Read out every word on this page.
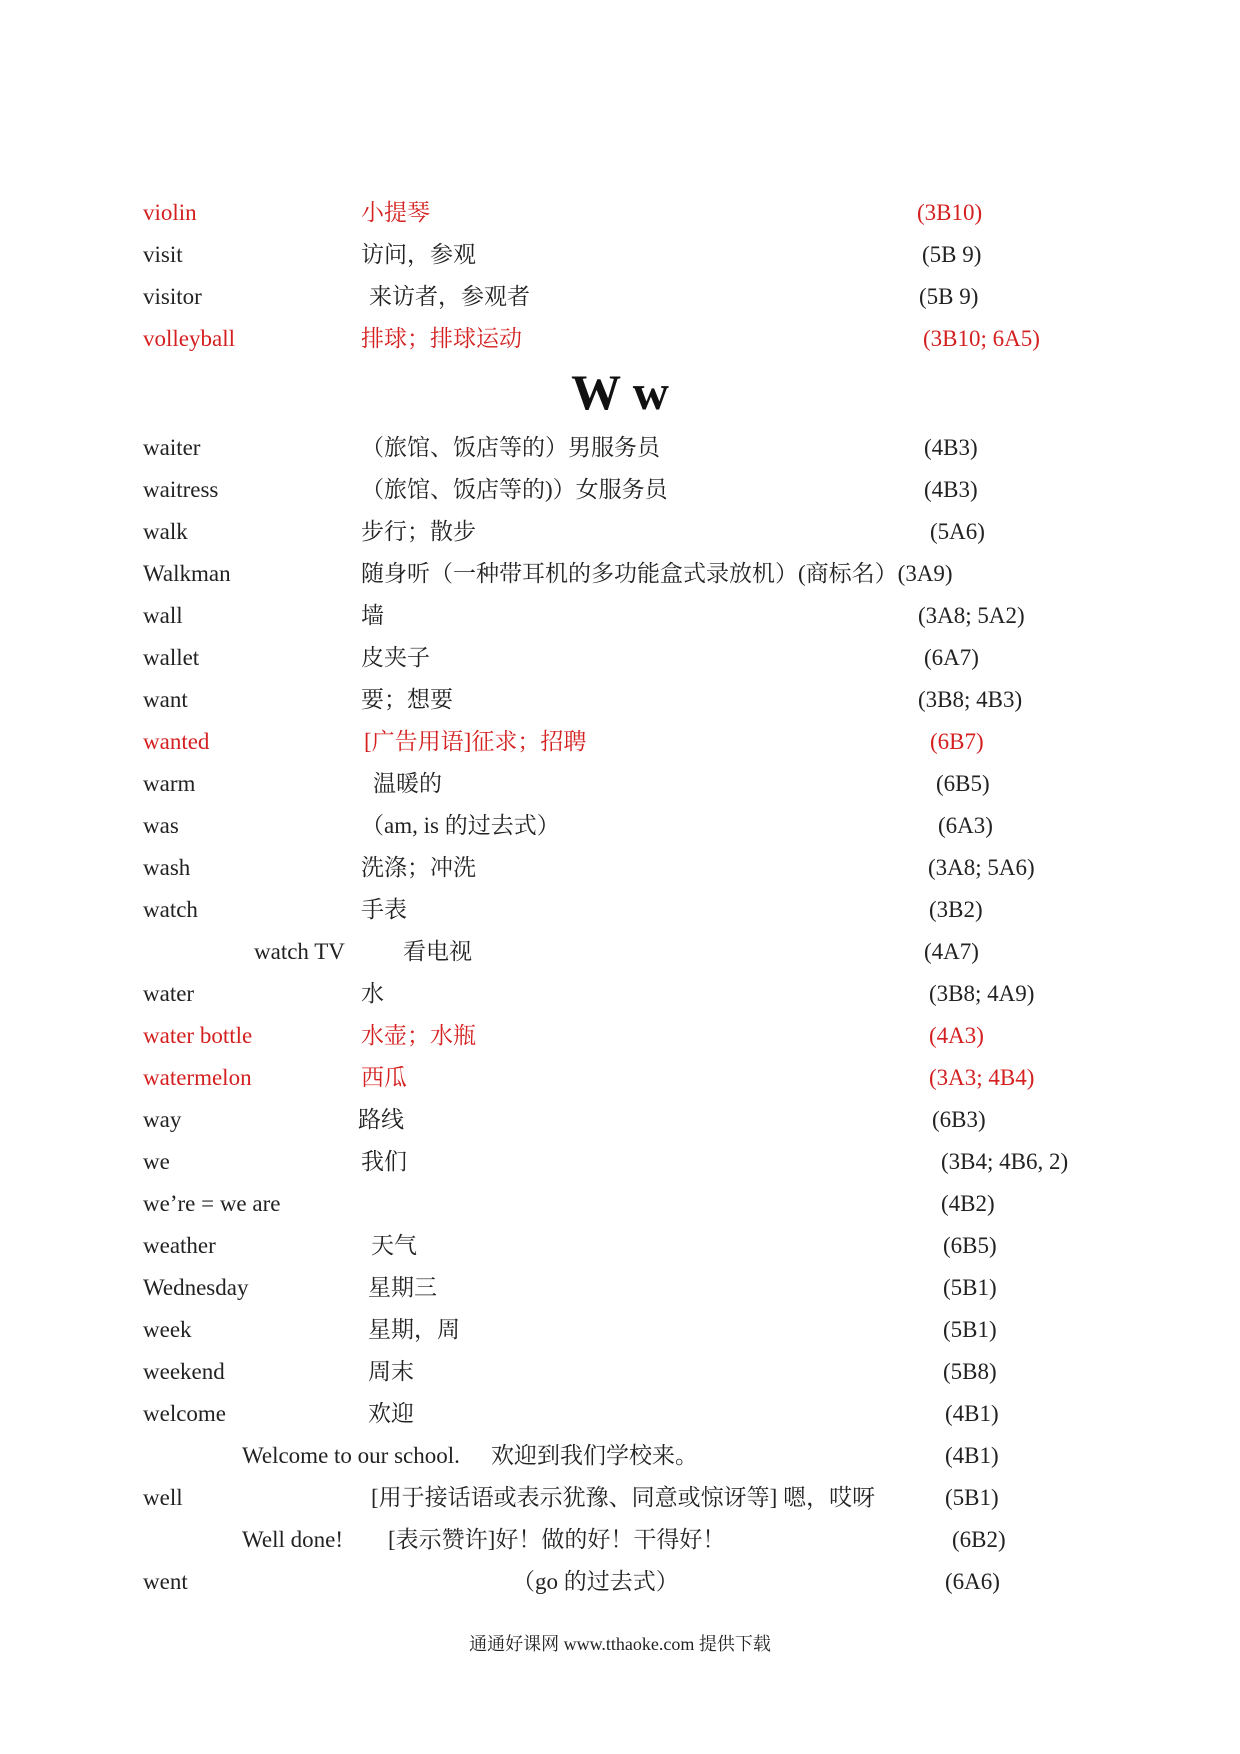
violin	小提琴	(3B10)
visit	访问，参观	(5B 9)
visitor	来访者，参观者	(5B 9)
volleyball	排球；排球运动	(3B10; 6A5)
W w
waiter	（旅馆、饭店等的）男服务员	(4B3)
waitress	（旅馆、饭店等的)）女服务员	(4B3)
walk	步行；散步	(5A6)
Walkman	随身听（一种带耳机的多功能盒式录放机）(商标名）(3A9)
wall	墙	(3A8; 5A2)
wallet	皮夹子	(6A7)
want	要；想要	(3B8; 4B3)
wanted	[广告用语]征求；招聘	(6B7)
warm	温暖的	(6B5)
was	（am, is 的过去式）	(6A3)
wash	洗涤；冲洗	(3A8; 5A6)
watch	手表	(3B2)
watch TV	看电视	(4A7)
water	水	(3B8; 4A9)
water bottle	水壶；水瓶	(4A3)
watermelon	西瓜	(3A3; 4B4)
way	路线	(6B3)
we	我们	(3B4; 4B6, 2)
we’re = we are	(4B2)
weather	天气	(6B5)
Wednesday	星期三	(5B1)
week	星期，周	(5B1)
weekend	周末	(5B8)
welcome	欢迎	(4B1)
Welcome to our school. 欢迎到我们学校来。	(4B1)
well	[用于接话语或表示犹豫、同意或惊讶等] 嗯，哎呀	(5B1)
Well done! [表示赞许]好！做的好！干得好！	(6B2)
went	（go 的过去式）	(6A6)
通通好课网 www.tthaoke.com 提供下载
